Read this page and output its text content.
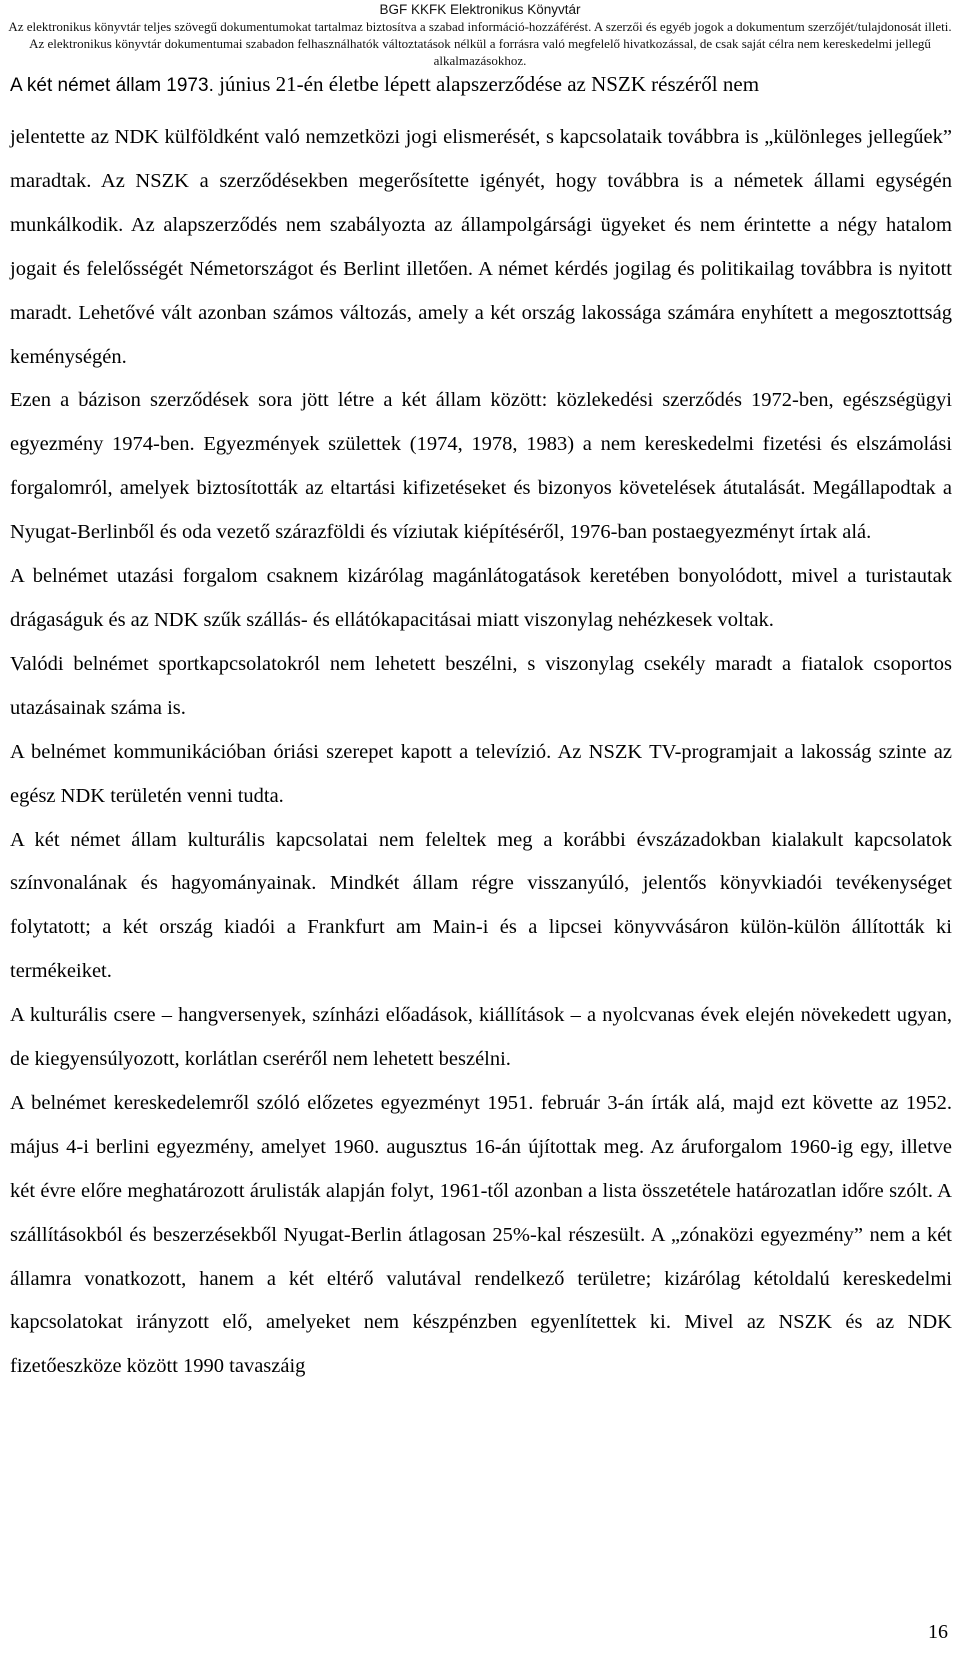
BGF KKFK Elektronikus Könyvtár
Az elektronikus könyvtár teljes szövegű dokumentumokat tartalmaz biztosítva a szabad információ-hozzáférést. A szerzői és egyéb jogok a dokumentum szerzőjét/tulajdonosát illeti. Az elektronikus könyvtár dokumentumai szabadon felhasználhatók változtatások nélkül a forrásra való megfelelő hivatkozással, de csak saját célra nem kereskedelmi jellegű alkalmazásokhoz.
A két német állam 1973. június 21-én életbe lépett alapszerződése az NSZK részéről nem

jelentette az NDK külföldként való nemzetközi jogi elismerését, s kapcsolataik továbbra is „különleges jellegűek” maradtak. Az NSZK a szerződésekben megerősítette igényét, hogy továbbra is a németek állami egységén munkálkodik. Az alapszerződés nem szabályozta az állampolgársági ügyeket és nem érintette a négy hatalom jogait és felelősségét Németországot és Berlint illetően. A német kérdés jogilag és politikailag továbbra is nyitott maradt. Lehetővé vált azonban számos változás, amely a két ország lakossága számára enyhített a megosztottság keménységén.

Ezen a bázison szerződések sora jött létre a két állam között: közlekedési szerződés 1972-ben, egészségügyi egyezmény 1974-ben. Egyezmények születtek (1974, 1978, 1983) a nem kereskedelmi fizetési és elszámolási forgalomról, amelyek biztosították az eltartási kifizetéseket és bizonyos követelések átutalását. Megállapodtak a Nyugat-Berlinből és oda vezető szárazföldi és víziutak kiépítéséről, 1976-ban postaegyezményt írtak alá.

A belnémet utazási forgalom csaknem kizárólag magánlátogatások keretében bonyolódott, mivel a turistautak drágaságuk és az NDK szűk szállás- és ellátókapacitásai miatt viszonylag nehézkesek voltak.

Valódi belnémet sportkapcsolatokról nem lehetett beszélni, s viszonylag csekély maradt a fiatalok csoportos utazásainak száma is.

A belnémet kommunikációban óriási szerepet kapott a televízió. Az NSZK TV-programjait a lakosság szinte az egész NDK területén venni tudta.

A két német állam kulturális kapcsolatai nem feleltek meg a korábbi évszázadokban kialakult kapcsolatok színvonalának és hagyományainak. Mindkét állam régre visszanyúló, jelentős könyvkiadói tevékenységet folytatott; a két ország kiadói a Frankfurt am Main-i és a lipcsei könyvvásáron külön-külön állították ki termékeiket.

A kulturális csere – hangversenyek, színházi előadások, kiállítások – a nyolcvanas évek elején növekedett ugyan, de kiegyensúlyozott, korlátlan cseréről nem lehetett beszélni.

A belnémet kereskedelemről szóló előzetes egyezményt 1951. február 3-án írták alá, majd ezt követte az 1952. május 4-i berlini egyezmény, amelyet 1960. augusztus 16-án újítottak meg. Az áruforgalom 1960-ig egy, illetve két évre előre meghatározott árulisták alapján folyt, 1961-től azonban a lista összetétele határozatlan időre szólt. A szállításokból és beszerzésekből Nyugat-Berlin átlagosan 25%-kal részesült. A „zónaközi egyezmény” nem a két államra vonatkozott, hanem a két eltérő valutával rendelkező területre; kizárólag kétoldalú kereskedelmi kapcsolatokat irányzott elő, amelyeket nem készpénzben egyenlítettek ki. Mivel az NSZK és az NDK fizetőeszköze között 1990 tavaszáig

16
